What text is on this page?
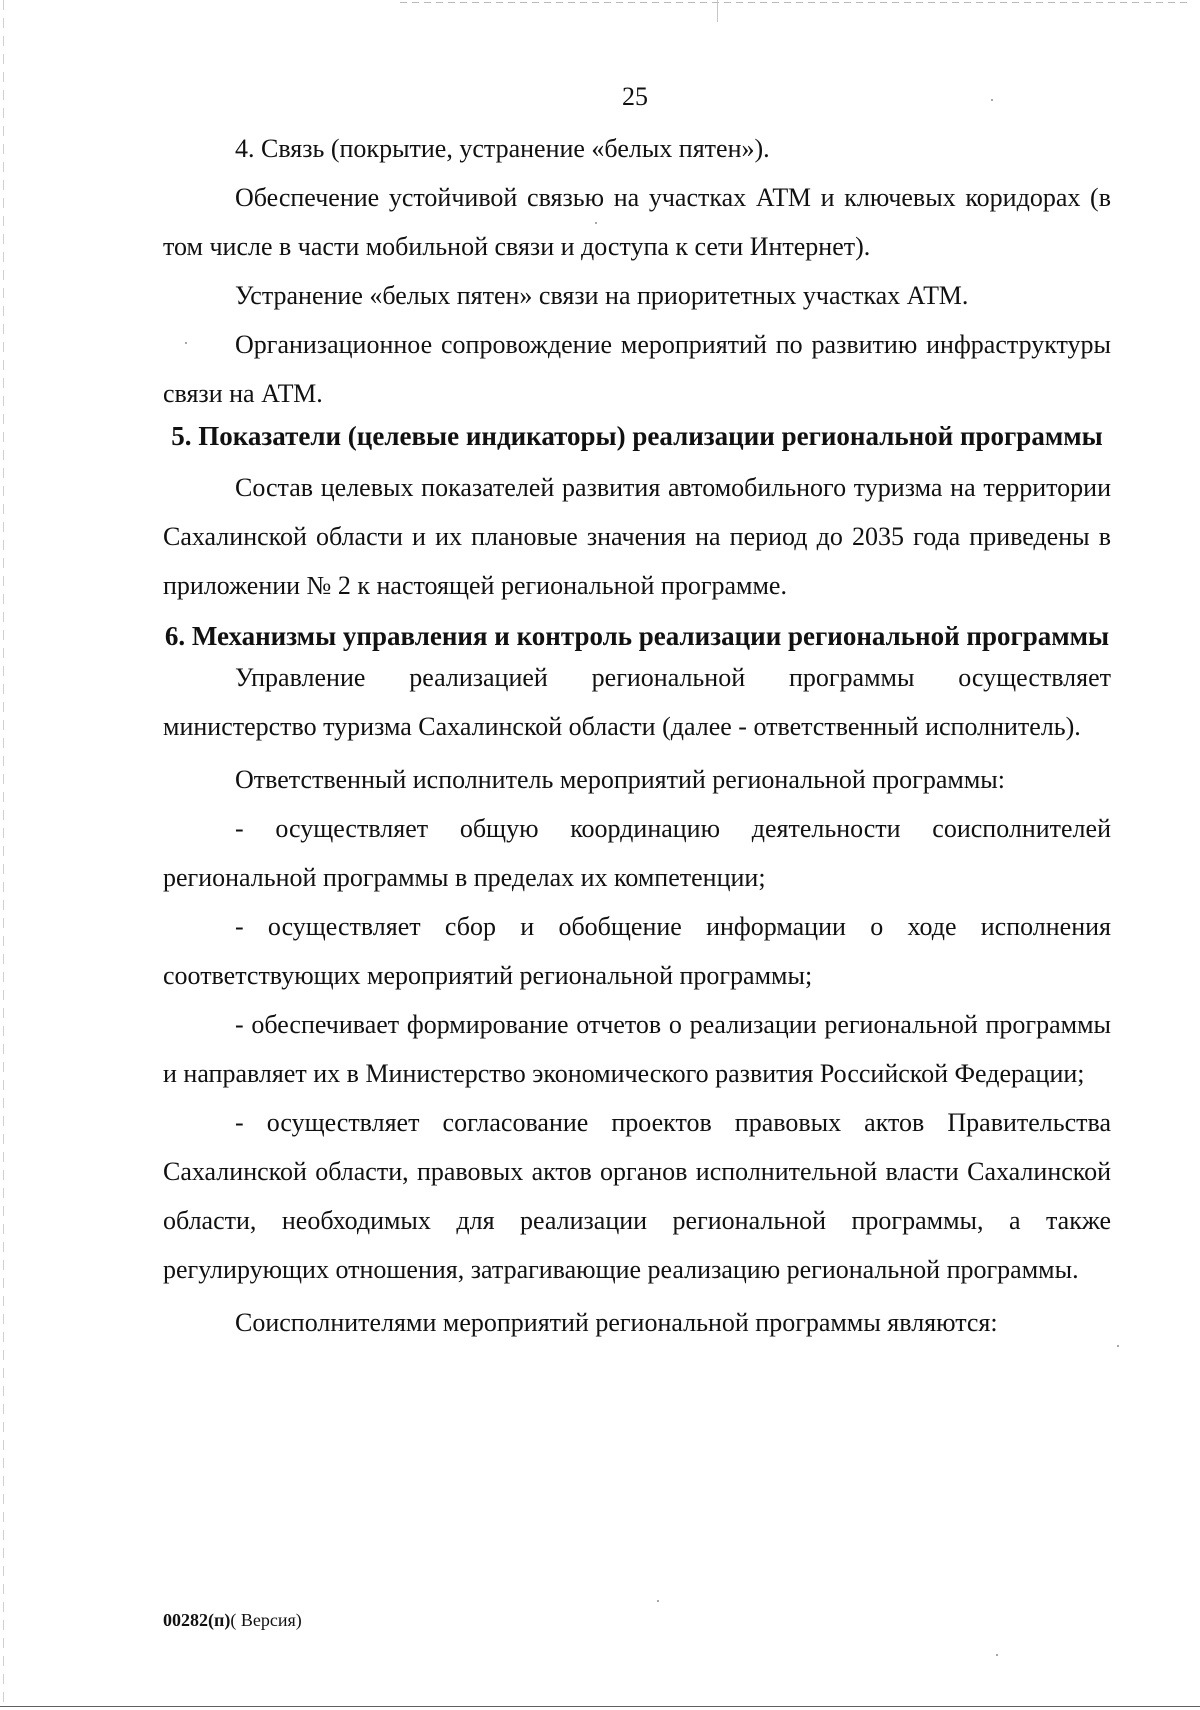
25

4. Связь (покрытие, устранение «белых пятен»).

Обеспечение устойчивой связью на участках АТМ и ключевых коридорах (в том числе в части мобильной связи и доступа к сети Интернет).

Устранение «белых пятен» связи на приоритетных участках АТМ.

Организационное сопровождение мероприятий по развитию инфраструктуры связи на АТМ.

5. Показатели (целевые индикаторы) реализации региональной программы

Состав целевых показателей развития автомобильного туризма на территории Сахалинской области и их плановые значения на период до 2035 года приведены в приложении № 2 к настоящей региональной программе.

6. Механизмы управления и контроль реализации региональной программы

Управление реализацией региональной программы осуществляет министерство туризма Сахалинской области (далее - ответственный исполнитель).

Ответственный исполнитель мероприятий региональной программы:

- осуществляет общую координацию деятельности соисполнителей региональной программы в пределах их компетенции;

- осуществляет сбор и обобщение информации о ходе исполнения соответствующих мероприятий региональной программы;

- обеспечивает формирование отчетов о реализации региональной программы и направляет их в Министерство экономического развития Российской Федерации;

- осуществляет согласование проектов правовых актов Правительства Сахалинской области, правовых актов органов исполнительной власти Сахалинской области, необходимых для реализации региональной программы, а также регулирующих отношения, затрагивающие реализацию региональной программы.

Соисполнителями мероприятий региональной программы являются:

00282(п)( Версия)
